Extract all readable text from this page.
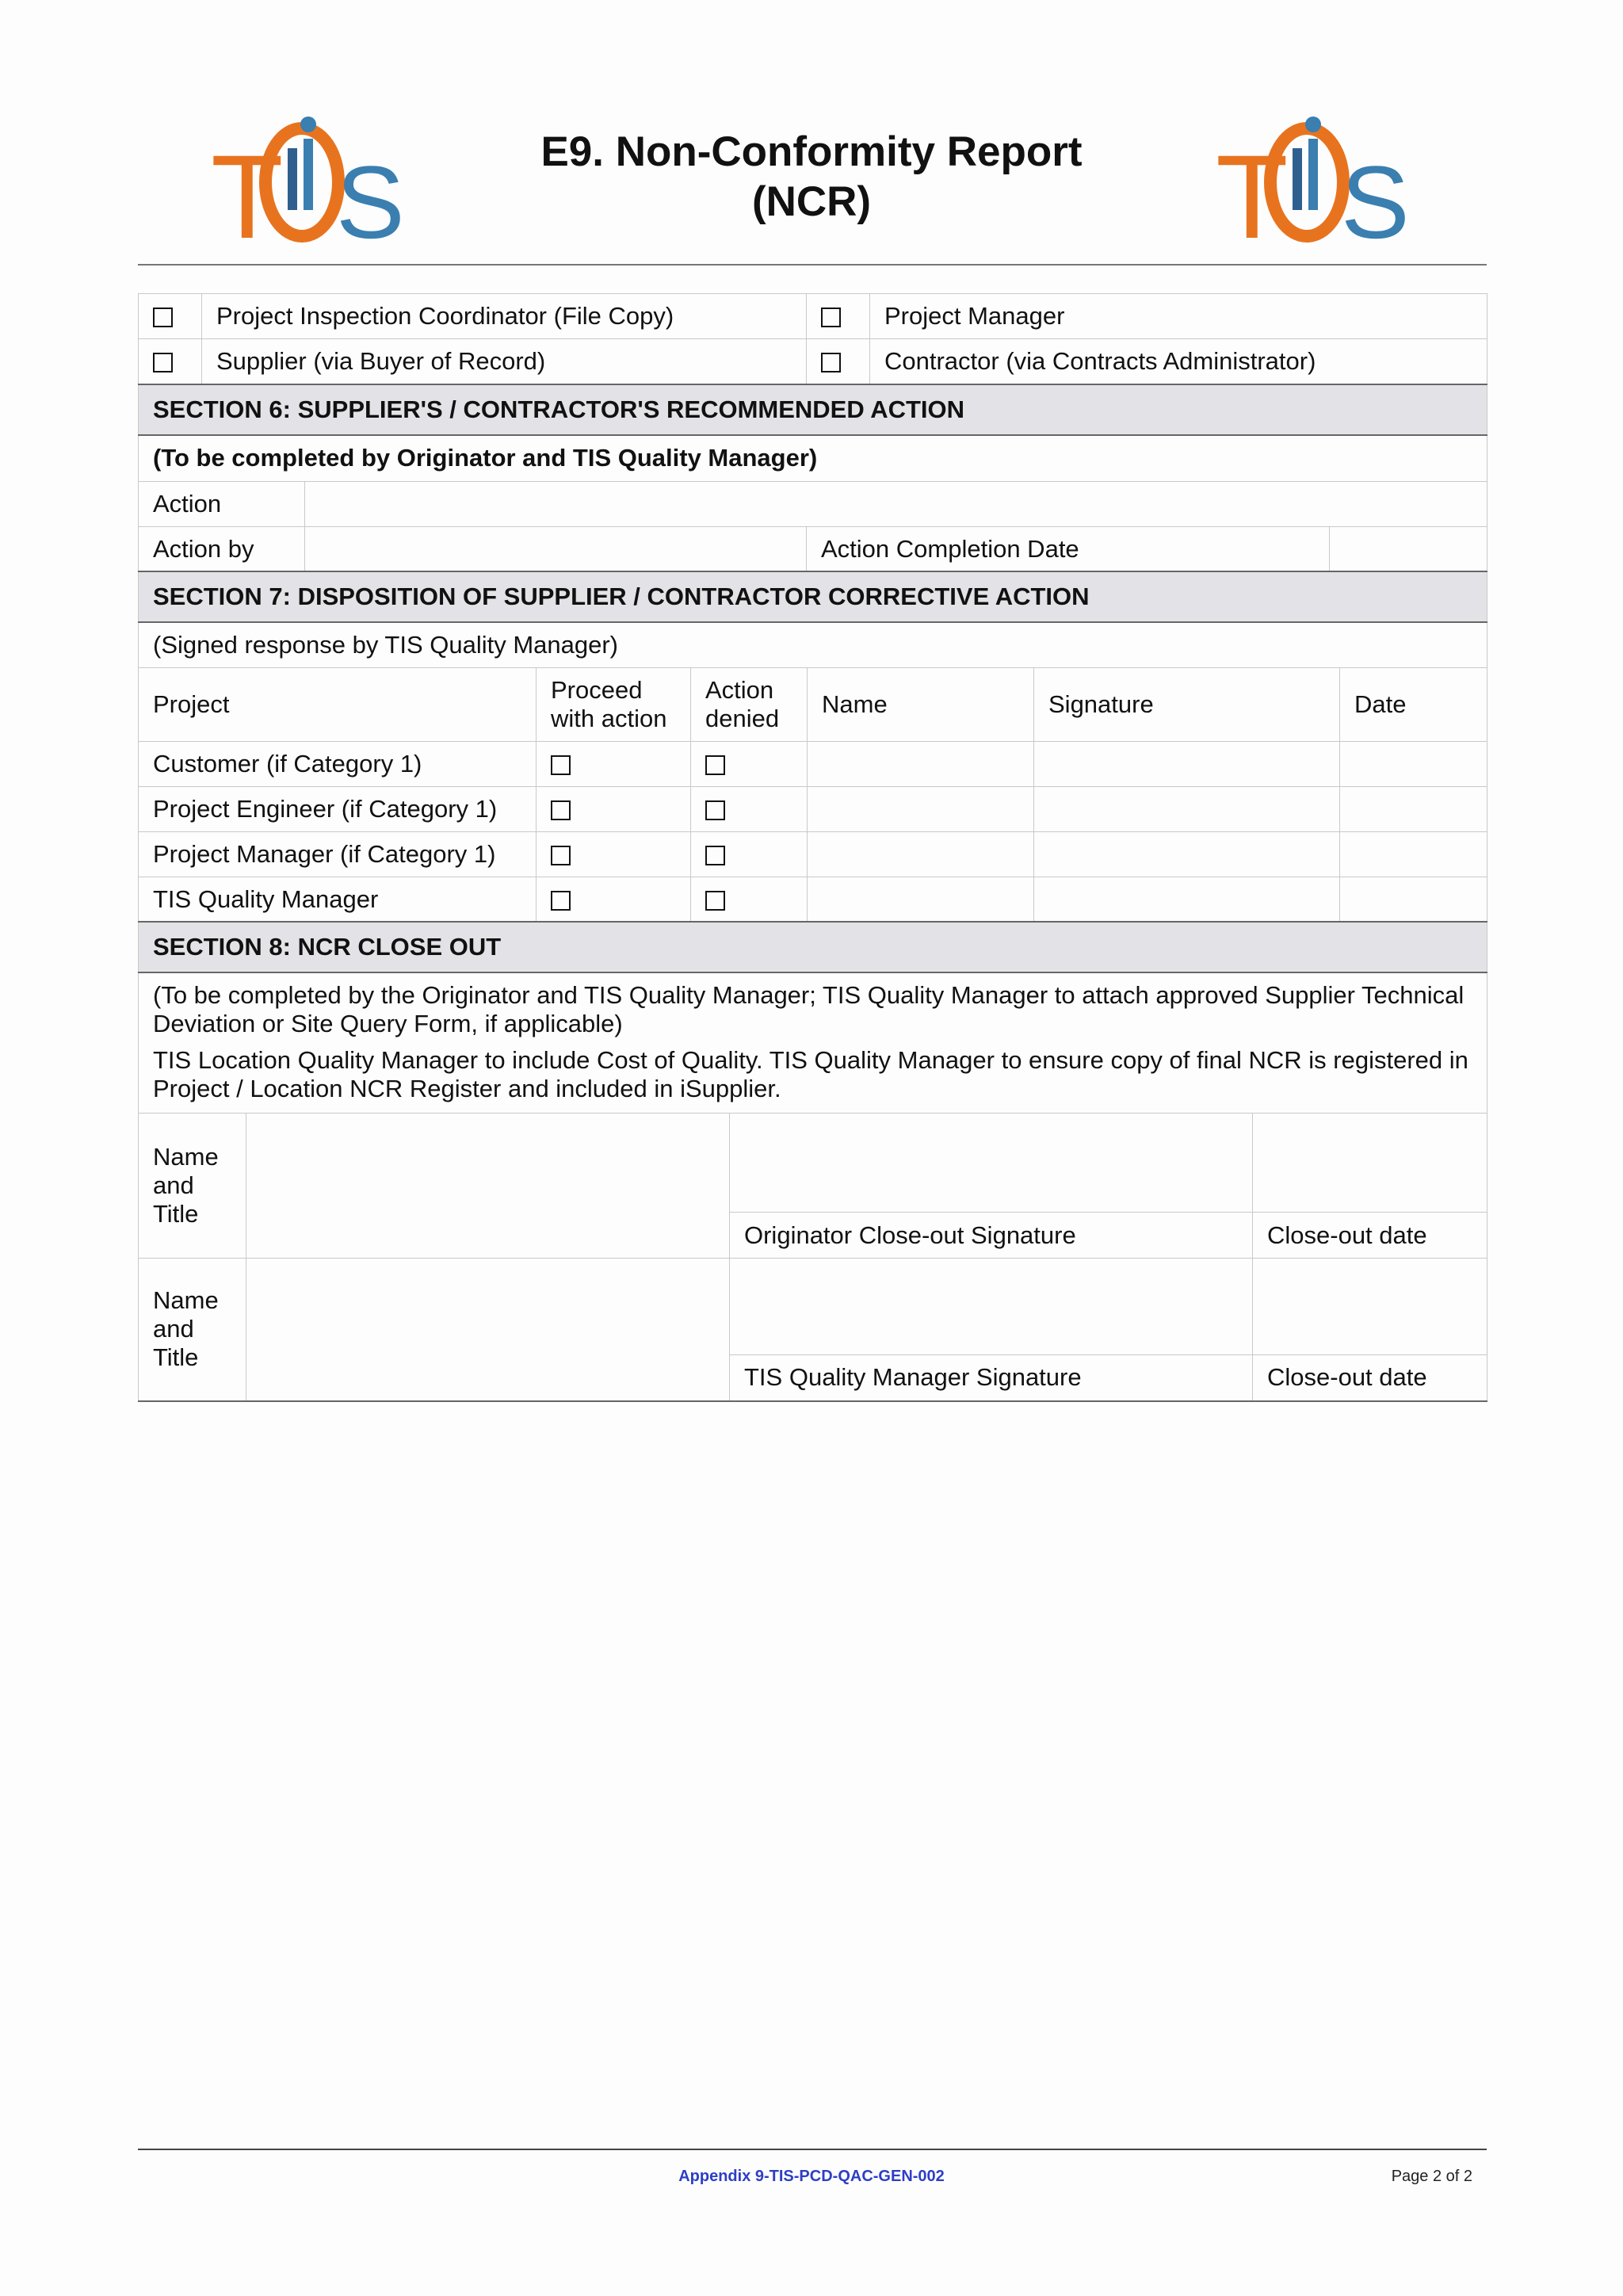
T S	E9. Non-Conformity Report
(NCR)	T S
	Project Inspection Coordinator (File Copy)		Project Manager
	Supplier (via Buyer of Record)		Contractor (via Contracts Administrator)
SECTION 6: SUPPLIER'S / CONTRACTOR'S RECOMMENDED ACTION			
(To be completed by Originator and TIS Quality Manager)			
Action			
Action by		Action Completion Date	
SECTION 7: DISPOSITION OF SUPPLIER / CONTRACTOR CORRECTIVE ACTION					
(Signed response by TIS Quality Manager)					
Project	Proceed with action	Action denied	Name	Signature	Date
Customer (if Category 1)					
Project Engineer (if Category 1)					
Project Manager (if Category 1)					
TIS Quality Manager					
SECTION 8: NCR CLOSE OUT			

(To be completed by the Originator and TIS Quality Manager; TIS Quality Manager to attach approved Supplier Technical Deviation or Site Query Form, if applicable)

TIS Location Quality Manager to include Cost of Quality. TIS Quality Manager to ensure copy of final NCR is registered in Project / Location NCR Register and included in iSupplier.			

Name and Title			
		Originator Close-out Signature	Close-out date
Name and Title			
		TIS Quality Manager Signature	Close-out date
Appendix 9-TIS-PCD-QAC-GEN-002	Page 2 of 2
